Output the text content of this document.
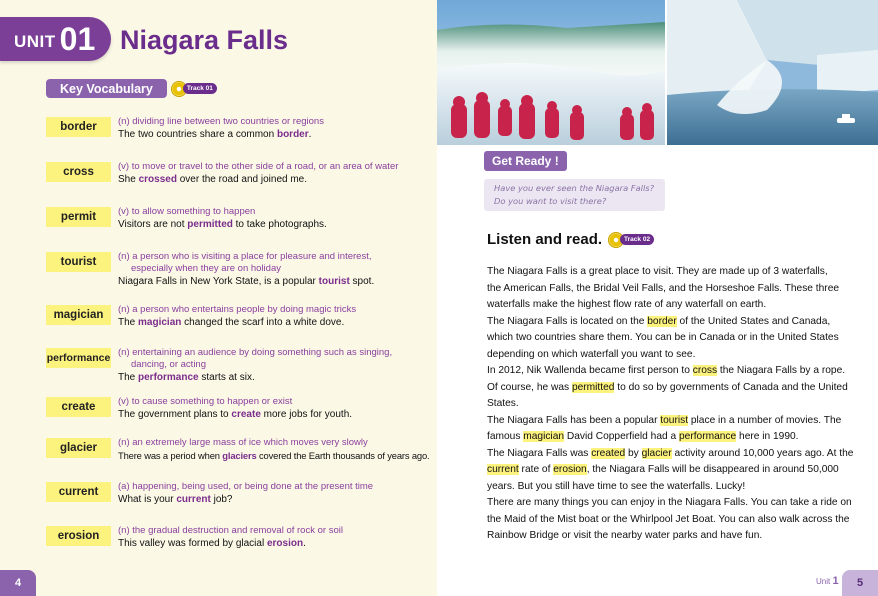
UNIT 01 Niagara Falls
Key Vocabulary	Track 01
border	(n) dividing line between two countries or regions
The two countries share a common border.
cross	(v) to move or travel to the other side of a road, or an area of water
She crossed over the road and joined me.
permit	(v) to allow something to happen
Visitors are not permitted to take photographs.
tourist	(n) a person who is visiting a place for pleasure and interest,
especially when they are on holiday
Niagara Falls in New York State, is a popular tourist spot.
magician	(n) a person who entertains people by doing magic tricks
The magician changed the scarf into a white dove.
performance (n) entertaining an audience by doing something such as singing,
dancing, or acting
The performance starts at six.
create	(v) to cause something to happen or exist
The government plans to create more jobs for youth.
glacier	(n) an extremely large mass of ice which moves very slowly
There was a period when glaciers covered the Earth thousands of years ago.
current	(a) happening, being used, or being done at the present time
What is your current job?
erosion	(n) the gradual destruction and removal of rock or soil
This valley was formed by glacial erosion.
4
Get Ready !
Have you ever seen the Niagara Falls?
Do you want to visit there?
Listen and read.	Track 02
The Niagara Falls is a great place to visit. They are made up of 3 waterfalls,
the American Falls, the Bridal Veil Falls, and the Horseshoe Falls. These three
waterfalls make the highest flow rate of any waterfall on earth.
The Niagara Falls is located on the border of the United States and Canada,
which two countries share them. You can be in Canada or in the United States
depending on which waterfall you want to see.
In 2012, Nik Wallenda became first person to cross the Niagara Falls by a rope.
Of course, he was permitted to do so by governments of Canada and the United
States.
The Niagara Falls has been a popular tourist place in a number of movies. The
famous magician David Copperfield had a performance here in 1990.
The Niagara Falls was created by glacier activity around 10,000 years ago. At the
current rate of erosion, the Niagara Falls will be disappeared in around 50,000
years. But you still have time to see the waterfalls. Lucky!
There are many things you can enjoy in the Niagara Falls. You can take a ride on
the Maid of the Mist boat or the Whirlpool Jet Boat. You can also walk across the
Rainbow Bridge or visit the nearby water parks and have fun.
Unit 1	5
